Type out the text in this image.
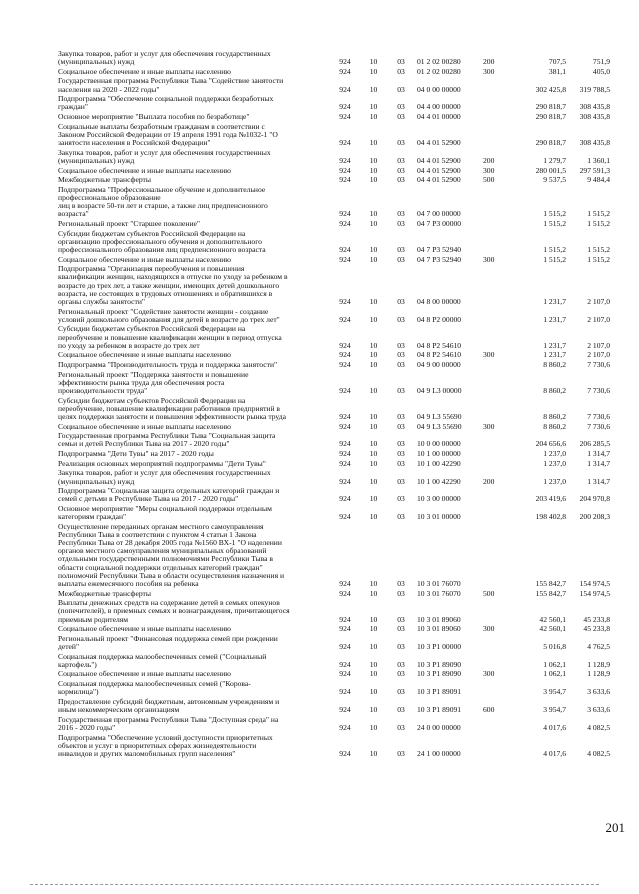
Закупка товаров, работ и услуг для обеспечения государственных
(муниципальных) нужд	924	10	03	01 2 02 00280	200	707,5	751,9
Социальное обеспечение и иные выплаты населению	924	10	03	01 2 02 00280	300	381,1	405,0
Государственная программа Республики Тыва "Содействие занятости
населения на 2020 - 2022 годы"	924	10	03	04 0 00 00000	302 425,8	319 788,5
Подпрограмма "Обеспечение социальной поддержки безработных
граждан"	924	10	03	04 4 00 00000	290 818,7	308 435,8
Основное мероприятие "Выплата пособия по безработице"	924	10	03	04 4 01 00000	290 818,7	308 435,8
Социальные выплаты безработным гражданам в соответствии с
Законом Российской Федерации от 19 апреля 1991 года №1032-1 "О
занятости населения в Российской Федерации"	924	10	03	04 4 01 52900	290 818,7	308 435,8
Закупка товаров, работ и услуг для обеспечения государственных
(муниципальных) нужд	924	10	03	04 4 01 52900	200	1 279,7	1 360,1
Социальное обеспечение и иные выплаты населению	924	10	03	04 4 01 52900	300	280 001,5	297 591,3
Межбюджетные трансферты	924	10	03	04 4 01 52900	500	9 537,5	9 484,4
Подпрограмма "Профессиональное обучение и дополнительное
профессиональное образование
лиц в возрасте 50-ти лет и старше, а также лиц предпенсионного
возраста"	924	10	03	04 7 00 00000	1 515,2	1 515,2
Региональный проект "Старшее поколение"	924	10	03	04 7 P3 00000	1 515,2	1 515,2
Субсидии бюджетам субъектов Российской Федерации на
организацию профессионального обучения и дополнительного
профессионального образования лиц предпенсионного возраста	924	10	03	04 7 P3 52940	1 515,2	1 515,2
Социальное обеспечение и иные выплаты населению	924	10	03	04 7 P3 52940	300	1 515,2	1 515,2
Подпрограмма "Организация переобучения и повышения
квалификации женщин, находящихся в отпуске по уходу за ребенком в
возрасте до трех лет, а также женщин, имеющих детей дошкольного
возраста, не состоящих в трудовых отношениях и обратившихся в
органы службы занятости"	924	10	03	04 8 00 00000	1 231,7	2 107,0
Региональный проект "Содействие занятости женщин - создание
условий дошкольного образования для детей в возрасте до трех лет"	924	10	03	04 8 P2 00000	1 231,7	2 107,0
Субсидии бюджетам субъектов Российской Федерации на
переобучение и повышение квалификации женщин в период отпуска
по уходу за ребенком в возрасте до трех лет	924	10	03	04 8 P2 54610	1 231,7	2 107,0
Социальное обеспечение и иные выплаты населению	924	10	03	04 8 P2 54610	300	1 231,7	2 107,0
Подпрограмма "Производительность труда и поддержка занятости"	924	10	03	04 9 00 00000	8 860,2	7 730,6
Региональный проект "Поддержка занятости и повышение
эффективности рынка труда для обеспечения роста
производительности труда"	924	10	03	04 9 L3 00000	8 860,2	7 730,6
Субсидии бюджетам субъектов Российской Федерации на
переобучение, повышение квалификации работников предприятий в
целях поддержки занятости и повышения эффективности рынка труда	924	10	03	04 9 L3 55690	8 860,2	7 730,6
Социальное обеспечение и иные выплаты населению	924	10	03	04 9 L3 55690	300	8 860,2	7 730,6
Государственная программа Республики Тыва "Социальная защита
семьи и детей Республики Тыва на 2017 - 2020 годы"	924	10	03	10 0 00 00000	204 656,6	206 285,5
Подпрограмма "Дети Тувы" на 2017 - 2020 годы	924	10	03	10 1 00 00000	1 237,0	1 314,7
Реализация основных мероприятий подпрограммы "Дети Тувы"	924	10	03	10 1 00 42290	1 237,0	1 314,7
Закупка товаров, работ и услуг для обеспечения государственных
(муниципальных) нужд	924	10	03	10 1 00 42290	200	1 237,0	1 314,7
Подпрограмма "Социальная защита отдельных категорий граждан и
семей с детьми в Республике Тыва на 2017 - 2020 годы"	924	10	03	10 3 00 00000	203 419,6	204 970,8
Основное мероприятие "Меры социальной поддержки отдельным
категориям граждан"	924	10	03	10 3 01 00000	198 402,8	200 208,3
Осуществление переданных органам местного самоуправления
Республики Тыва в соответствии с пунктом 4 статьи 1 Закона
Республики Тыва от 28 декабря 2005 года №1560 ВХ-1 "О наделении
органов местного самоуправления муниципальных образований
отдельными государственными полномочиями Республики Тыва в
области социальной поддержки отдельных категорий граждан"
полномочий Республики Тыва в области осуществления назначения и
выплаты ежемесячного пособия на ребенка	924	10	03	10 3 01 76070	155 842,7	154 974,5
Межбюджетные трансферты	924	10	03	10 3 01 76070	500	155 842,7	154 974,5
Выплаты денежных средств на содержание детей в семьях опекунов
(попечителей), в приемных семьях и вознаграждения, причитающегося
приемным родителям	924	10	03	10 3 01 89060	42 560,1	45 233,8
Социальное обеспечение и иные выплаты населению	924	10	03	10 3 01 89060	300	42 560,1	45 233,8
Региональный проект "Финансовая поддержка семей при рождении
детей"	924	10	03	10 3 P1 00000	5 016,8	4 762,5
Социальная поддержка малообеспеченных семей ("Социальный
картофель")	924	10	03	10 3 P1 89090	1 062,1	1 128,9
Социальное обеспечение и иные выплаты населению	924	10	03	10 3 P1 89090	300	1 062,1	1 128,9
Социальная поддержка малообеспеченных семей ("Корова-
кормилица")	924	10	03	10 3 P1 89091	3 954,7	3 633,6
Предоставление субсидий бюджетным, автономным учреждениям и
иным некоммерческим организациям	924	10	03	10 3 P1 89091	600	3 954,7	3 633,6
Государственная программа Республики Тыва "Доступная среда" на
2016 - 2020 годы"	924	10	03	24 0 00 00000	4 017,6	4 082,5
Подпрограмма "Обеспечение условий доступности приоритетных
объектов и услуг в приоритетных сферах жизнедеятельности
инвалидов и других маломобильных групп населения"	924	10	03	24 1 00 00000	4 017,6	4 082,5
201
